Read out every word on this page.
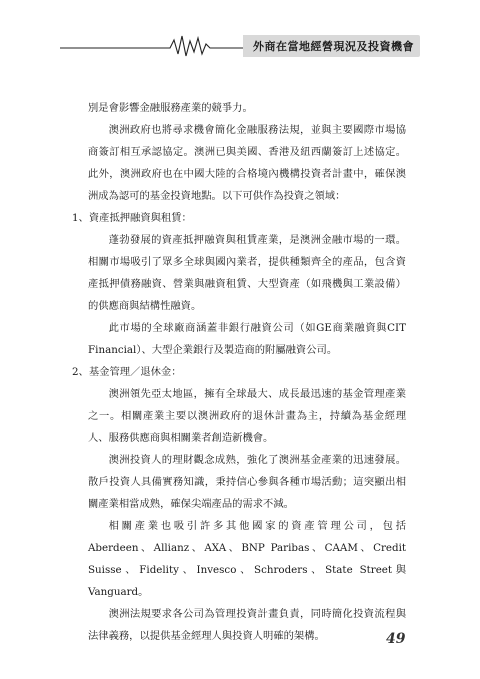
外商在當地經營現況及投資機會

別是會影響金融服務產業的競爭力。

澳洲政府也將尋求機會簡化金融服務法規，並與主要國際市場協商簽訂相互承認協定。澳洲已與美國、香港及紐西蘭簽訂上述協定。此外，澳洲政府也在中國大陸的合格境內機構投資者計畫中，確保澳洲成為認可的基金投資地點。以下可供作為投資之領域：

1、資產抵押融資與租賃：

蓬勃發展的資產抵押融資與租賃產業，是澳洲金融市場的一環。相關市場吸引了眾多全球與國內業者，提供種類齊全的產品，包含資產抵押債務融資、營業與融資租賃、大型資產（如飛機與工業設備）的供應商與結構性融資。

此市場的全球廠商涵蓋非銀行融資公司（如GE商業融資與CIT Financial）、大型企業銀行及製造商的附屬融資公司。

2、基金管理／退休金：

澳洲領先亞太地區，擁有全球最大、成長最迅速的基金管理產業之一。相關產業主要以澳洲政府的退休計畫為主，持續為基金經理人、服務供應商與相關業者創造新機會。

澳洲投資人的理財觀念成熟，強化了澳洲基金產業的迅速發展。散戶投資人具備實務知識，秉持信心參與各種市場活動；這突顯出相關產業相當成熟，確保尖端產品的需求不減。

相關產業也吸引許多其他國家的資產管理公司，包括Aberdeen、Allianz、AXA、BNP Paribas、CAAM、Credit Suisse、Fidelity、Invesco、Schroders、State Street與Vanguard。

澳洲法規要求各公司為管理投資計畫負責，同時簡化投資流程與法律義務，以提供基金經理人與投資人明確的架構。	49
